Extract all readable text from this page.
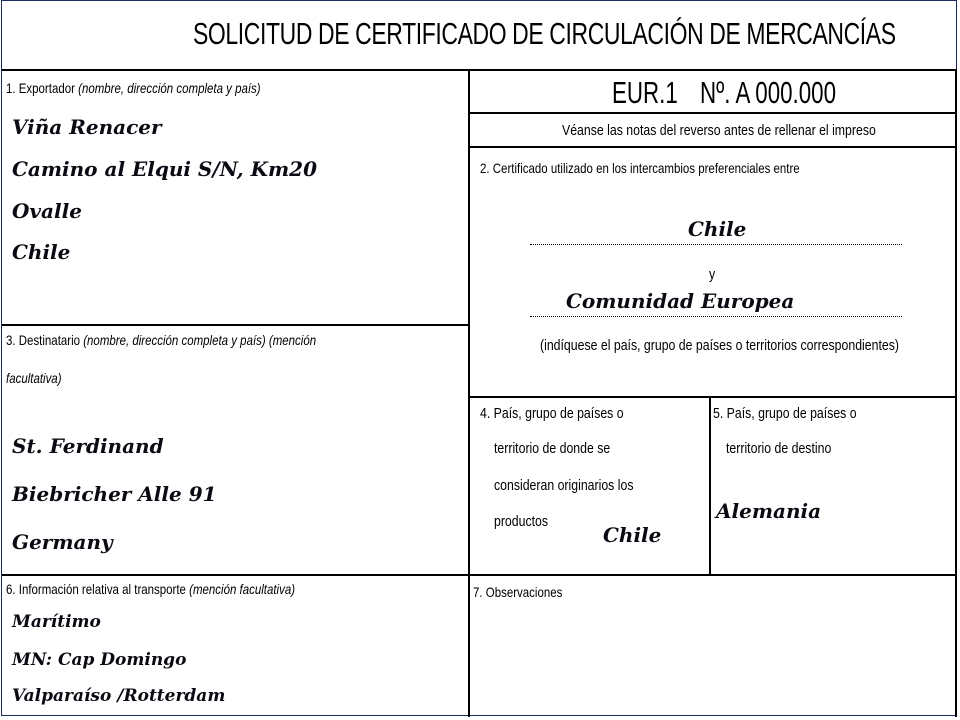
SOLICITUD DE CERTIFICADO DE CIRCULACIÓN DE MERCANCÍAS
EUR.1 Nº. A 000.000
Véanse las notas del reverso antes de rellenar el impreso
1. Exportador (nombre, dirección completa y país)
Viña Renacer
Camino al Elqui S/N, Km20
Ovalle
Chile
2. Certificado utilizado en los intercambios preferenciales entre
Chile
y
Comunidad Europea
(indíquese el país, grupo de países o territorios correspondientes)
3. Destinatario (nombre, dirección completa y país) (mención
facultativa)
St. Ferdinand
Biebricher Alle 91
Germany
4. País, grupo de países o
territorio de donde se
consideran originarios los
productos
Chile
5. País, grupo de países o
territorio de destino
Alemania
6. Información relativa al transporte (mención facultativa)
Marítimo
MN: Cap Domingo
Valparaíso /Rotterdam
7. Observaciones
